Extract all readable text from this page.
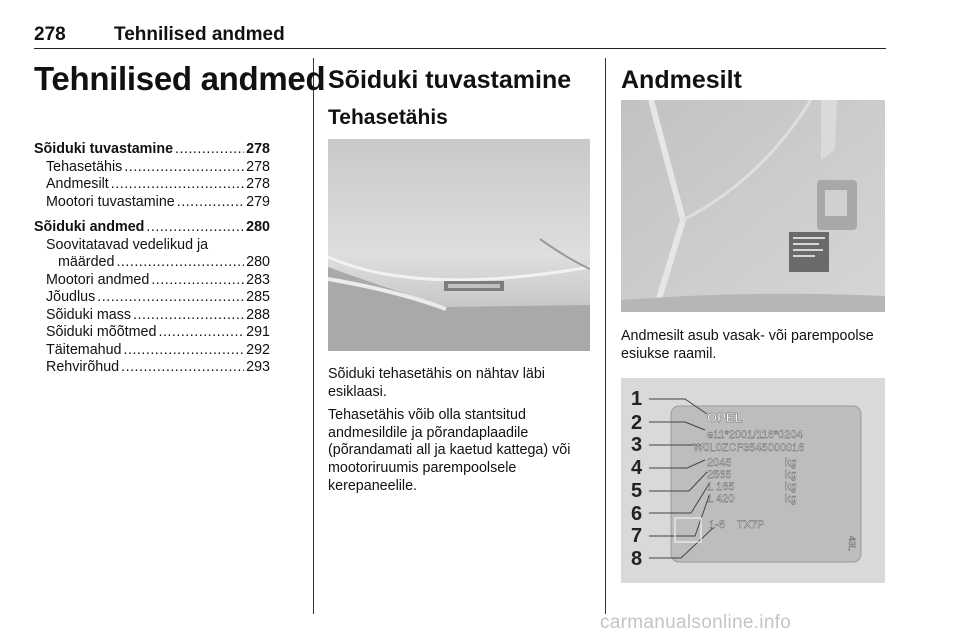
278	Tehnilised andmed
Tehnilised andmed
Sõiduki tuvastamine .....	278
Tehasetähis .....	278
Andmesilt .....	278
Mootori tuvastamine .....	279
Sõiduki andmed .....	280
Soovitatavad vedelikud ja
määrded .....	280
Mootori andmed .....	283
Jõudlus .....	285
Sõiduki mass .....	288
Sõiduki mõõtmed .....	291
Täitemahud .....	292
Rehvirõhud .....	293
Sõiduki tuvastamine
Tehasetähis

Sõiduki tehasetähis on nähtav läbi esiklaasi.

Tehasetähis võib olla stantsitud andmesildile ja põrandaplaadile (põrandamati all ja kaetud kattega) või mootoriruumis parempoolsele kerepaneelile.

Andmesilt

Andmesilt asub vasak- või parempoolse esiukse raamil.

1
2
3
4
5
6
7
8
OPEL
e11*2001/116*0204
W0L0ZCF3545000016
2045
2565
1 165
1 420
kg
kg
kg
kg
1-6 TX7P
43L
carmanualsonline.info
